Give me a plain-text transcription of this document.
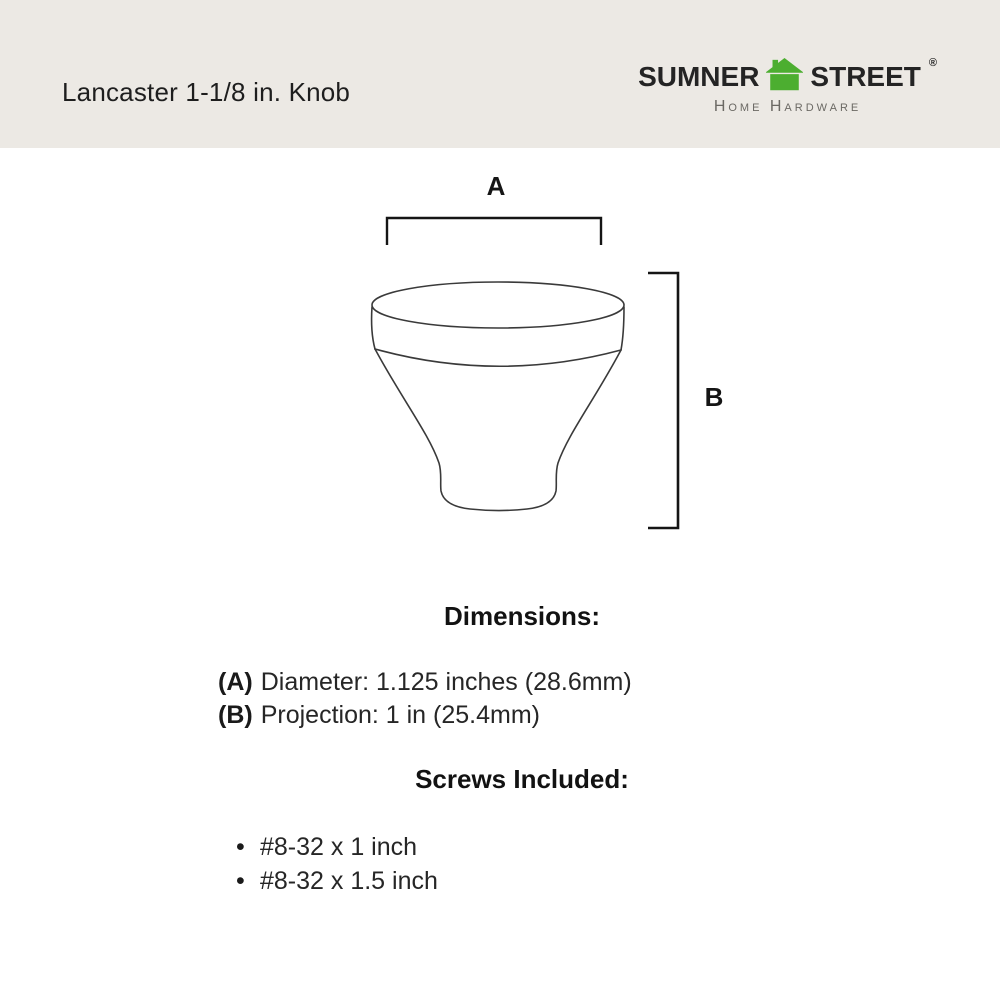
Lancaster 1-1/8 in. Knob	SUMNER STREET ®
Home Hardware
A
B
Dimensions:
(A) Diameter: 1.125 inches (28.6mm)
(B) Projection: 1 in (25.4mm)
Screws Included:
• #8-32 x 1 inch
• #8-32 x 1.5 inch
